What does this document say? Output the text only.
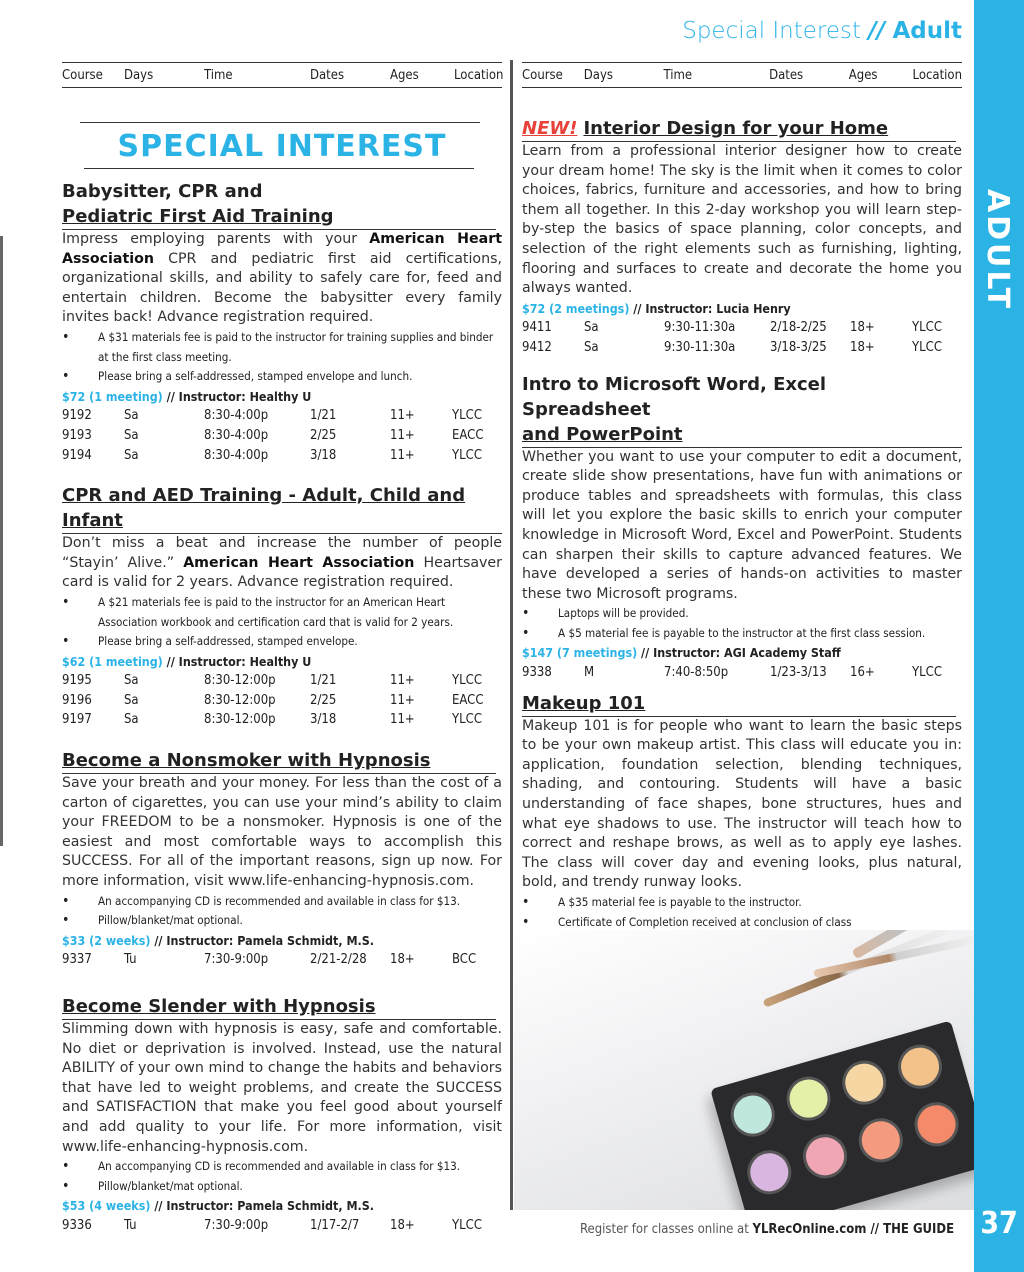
ADULT
37
Special Interest // Adult
Course	Days	Time	Dates	Ages	Location
SPECIAL INTEREST
Babysitter, CPR and
Pediatric First Aid Training

Impress employing parents with your American Heart Association CPR and pediatric first aid certifications, organizational skills, and ability to safely care for, feed and entertain children. Become the babysitter every family invites back! Advance registration required.

• A $31 materials fee is paid to the instructor for training supplies and binder at the first class meeting.
• Please bring a self-addressed, stamped envelope and lunch.
$72 (1 meeting) // Instructor: Healthy U
9192	Sa	8:30-4:00p	1/21	11+	YLCC
9193	Sa	8:30-4:00p	2/25	11+	EACC
9194	Sa	8:30-4:00p	3/18	11+	YLCC
CPR and AED Training - Adult, Child and Infant

Don’t miss a beat and increase the number of people “Stayin’ Alive.” American Heart Association Heartsaver card is valid for 2 years. Advance registration required.

• A $21 materials fee is paid to the instructor for an American Heart Association workbook and certification card that is valid for 2 years.
• Please bring a self-addressed, stamped envelope.
$62 (1 meeting) // Instructor: Healthy U
9195	Sa	8:30-12:00p	1/21	11+	YLCC
9196	Sa	8:30-12:00p	2/25	11+	EACC
9197	Sa	8:30-12:00p	3/18	11+	YLCC
Become a Nonsmoker with Hypnosis

Save your breath and your money. For less than the cost of a carton of cigarettes, you can use your mind’s ability to claim your FREEDOM to be a nonsmoker. Hypnosis is one of the easiest and most comfortable ways to accomplish this SUCCESS. For all of the important reasons, sign up now. For more information, visit www.life-enhancing-hypnosis.com.

• An accompanying CD is recommended and available in class for $13.
• Pillow/blanket/mat optional.
$33 (2 weeks) // Instructor: Pamela Schmidt, M.S.
9337	Tu	7:30-9:00p	2/21-2/28	18+	BCC
Become Slender with Hypnosis

Slimming down with hypnosis is easy, safe and comfortable. No diet or deprivation is involved. Instead, use the natural ABILITY of your own mind to change the habits and behaviors that have led to weight problems, and create the SUCCESS and SATISFACTION that make you feel good about yourself and add quality to your life. For more information, visit www.life-enhancing-hypnosis.com.

• An accompanying CD is recommended and available in class for $13.
• Pillow/blanket/mat optional.
$53 (4 weeks) // Instructor: Pamela Schmidt, M.S.
9336	Tu	7:30-9:00p	1/17-2/7	18+	YLCC
Course	Days	Time	Dates	Ages	Location
NEW! Interior Design for your Home

Learn from a professional interior designer how to create your dream home! The sky is the limit when it comes to color choices, fabrics, furniture and accessories, and how to bring them all together. In this 2-day workshop you will learn step-by-step the basics of space planning, color concepts, and selection of the right elements such as furnishing, lighting, flooring and surfaces to create and decorate the home you always wanted.

$72 (2 meetings) // Instructor: Lucia Henry
9411	Sa	9:30-11:30a	2/18-2/25	18+	YLCC
9412	Sa	9:30-11:30a	3/18-3/25	18+	YLCC
Intro to Microsoft Word, Excel Spreadsheet
and PowerPoint

Whether you want to use your computer to edit a document, create slide show presentations, have fun with animations or produce tables and spreadsheets with formulas, this class will let you explore the basic skills to enrich your computer knowledge in Microsoft Word, Excel and PowerPoint. Students can sharpen their skills to capture advanced features. We have developed a series of hands-on activities to master these two Microsoft programs.

• Laptops will be provided.
• A $5 material fee is payable to the instructor at the first class session.
$147 (7 meetings) // Instructor: AGI Academy Staff
9338	M	7:40-8:50p	1/23-3/13	16+	YLCC
Makeup 101

Makeup 101 is for people who want to learn the basic steps to be your own makeup artist. This class will educate you in: application, foundation selection, blending techniques, shading, and contouring. Students will have a basic understanding of face shapes, bone structures, hues and what eye shadows to use. The instructor will teach how to correct and reshape brows, as well as to apply eye lashes. The class will cover day and evening looks, plus natural, bold, and trendy runway looks.

• A $35 material fee is payable to the instructor.
• Certificate of Completion received at conclusion of class
Register for classes online at YLRecOnline.com // THE GUIDE
